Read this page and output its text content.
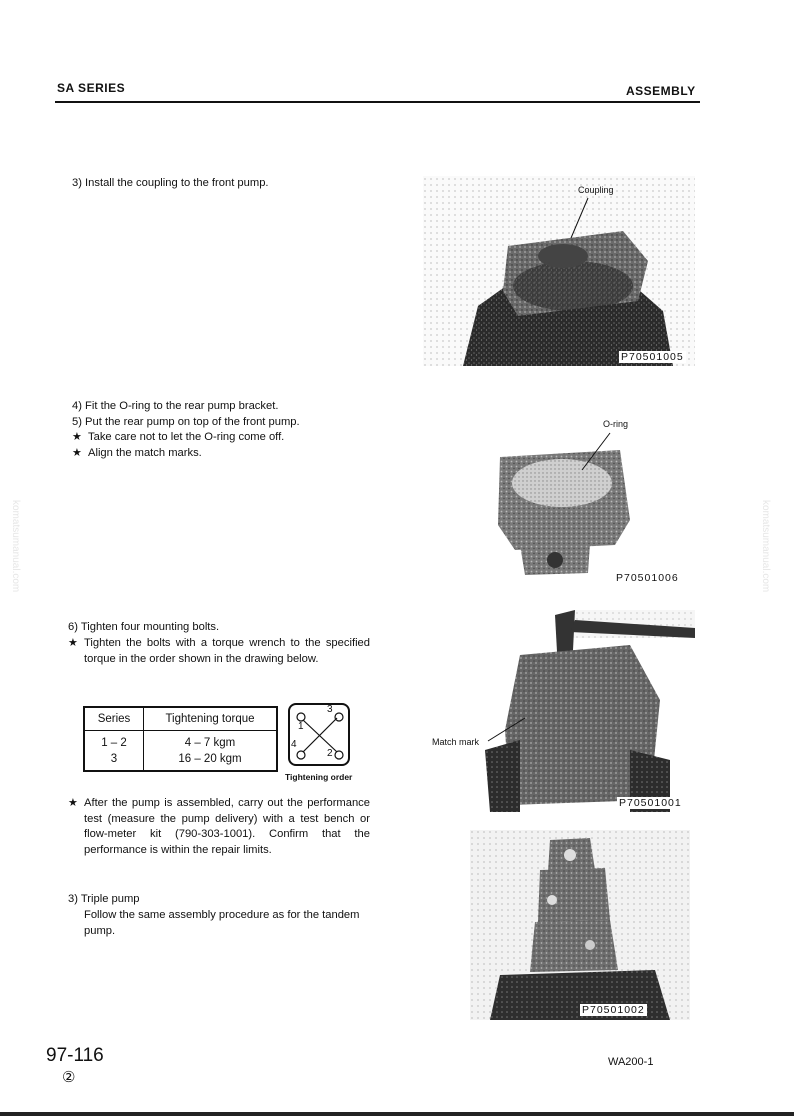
SA SERIES	ASSEMBLY
komatsumanual.com	komatsumanual.com
3) Install the coupling to the front pump.
Coupling
P70501005
4) Fit the O-ring to the rear pump bracket.
5) Put the rear pump on top of the front pump.
★ Take care not to let the O-ring come off.
★ Align the match marks.
O-ring
P70501006
6) Tighten four mounting bolts.
★ Tighten the bolts with a torque wrench to the specified torque in the order shown in the drawing below.
Series	Tightening torque
1 – 2	4 – 7 kgm
3	16 – 20 kgm
1
3
4
2
Tightening order
★ After the pump is assembled, carry out the performance test (measure the pump delivery) with a test bench or flow-meter kit (790-303-1001). Confirm that the performance is within the repair limits.
3) Triple pump
Follow the same assembly procedure as for the tandem pump.
Match mark
P70501001
P70501002
97-116
②
WA200-1
